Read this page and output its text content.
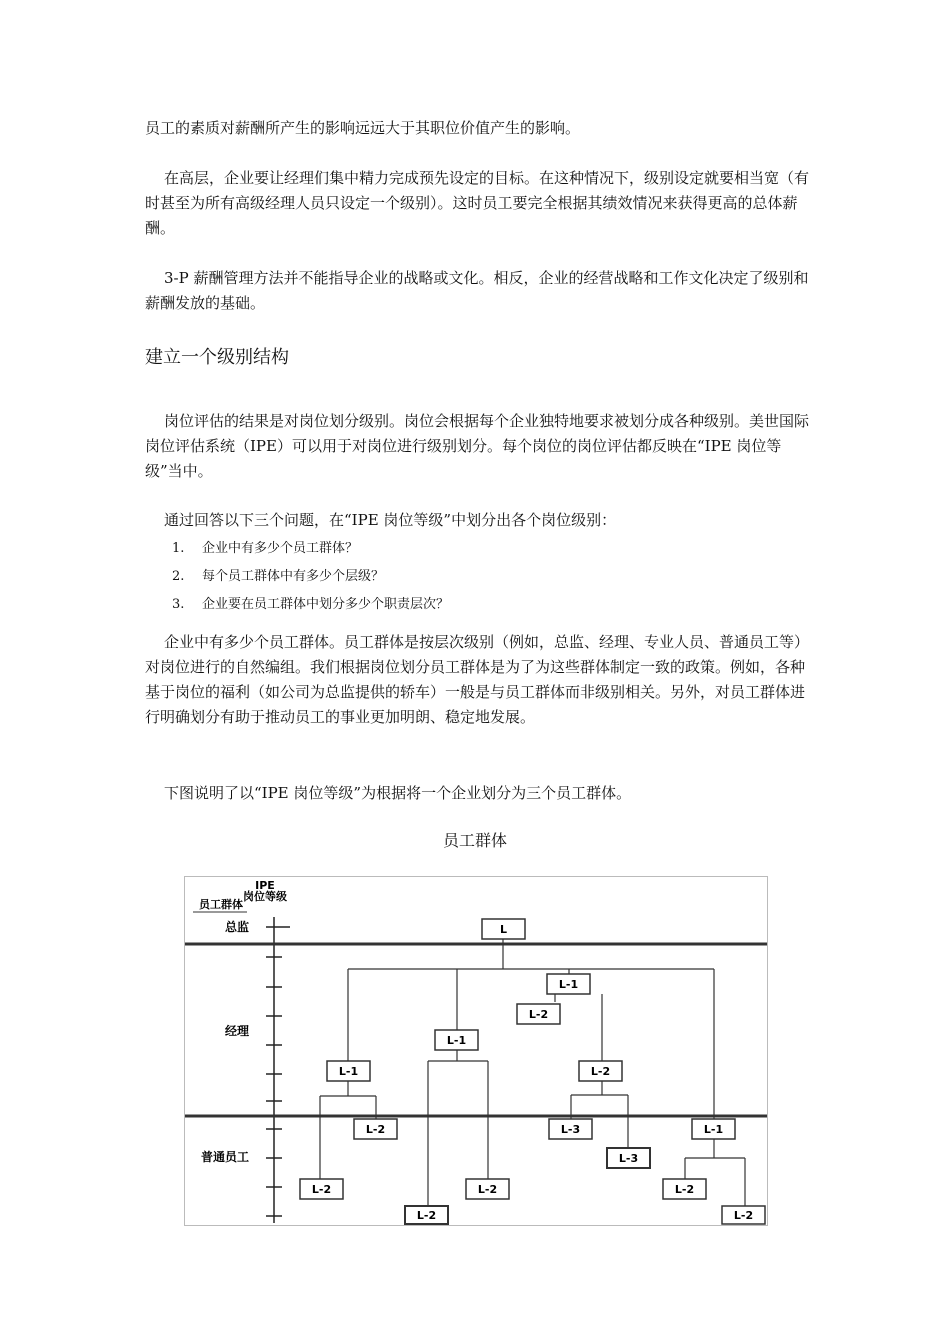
员工的素质对薪酬所产生的影响远远大于其职位价值产生的影响。

在高层，企业要让经理们集中精力完成预先设定的目标。在这种情况下，级别设定就要相当宽（有时甚至为所有高级经理人员只设定一个级别）。这时员工要完全根据其绩效情况来获得更高的总体薪酬。

3-P 薪酬管理方法并不能指导企业的战略或文化。相反，企业的经营战略和工作文化决定了级别和薪酬发放的基础。

建立一个级别结构

岗位评估的结果是对岗位划分级别。岗位会根据每个企业独特地要求被划分成各种级别。美世国际岗位评估系统（IPE）可以用于对岗位进行级别划分。每个岗位的岗位评估都反映在“IPE 岗位等级”当中。

通过回答以下三个问题，在“IPE 岗位等级”中划分出各个岗位级别：

1.	企业中有多少个员工群体？
2.	每个员工群体中有多少个层级？
3.	企业要在员工群体中划分多少个职责层次？

企业中有多少个员工群体。员工群体是按层次级别（例如，总监、经理、专业人员、普通员工等）对岗位进行的自然编组。我们根据岗位划分员工群体是为了为这些群体制定一致的政策。例如，各种基于岗位的福利（如公司为总监提供的轿车）一般是与员工群体而非级别相关。另外，对员工群体进行明确划分有助于推动员工的事业更加明朗、稳定地发展。

下图说明了以“IPE 岗位等级”为根据将一个企业划分为三个员工群体。

员工群体

IPE
岗位等级
员工群体
总监
经理
普通员工
L
L-1
L-2
L-1
L-1	L-2
L-2	L-3
L-3
L-1
L-2	L-2
L-2
L-2
L-2
